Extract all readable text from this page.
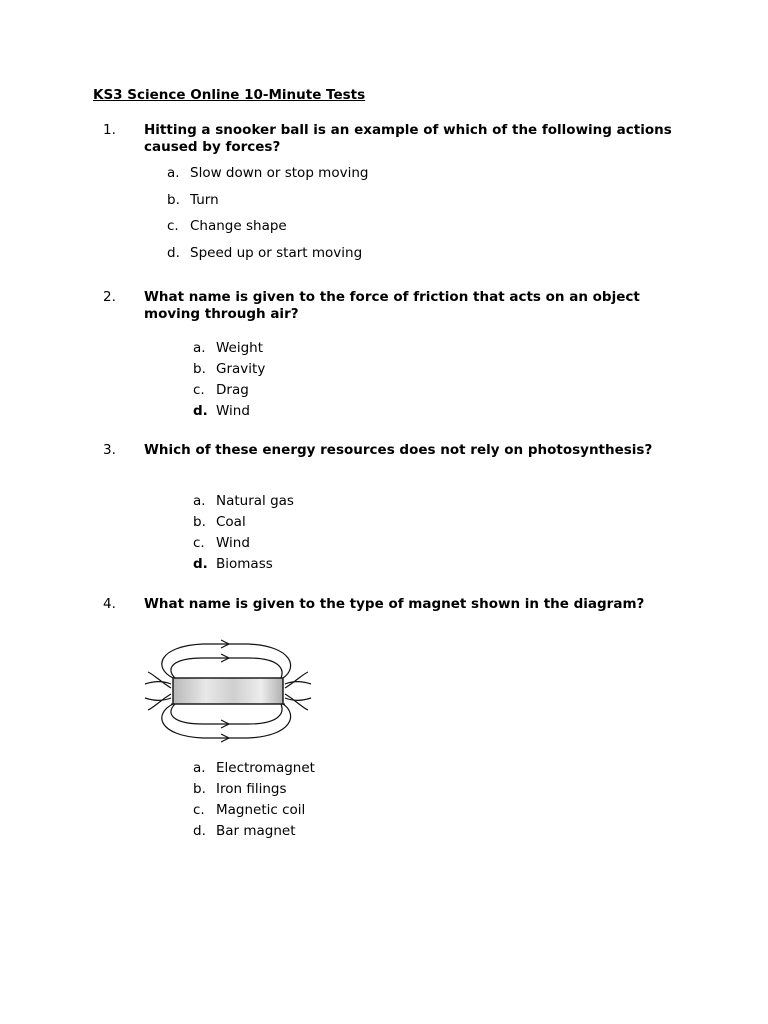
KS3 Science Online 10-Minute Tests
1. Hitting a snooker ball is an example of which of the following actions caused by forces?
a. Slow down or stop moving
b. Turn
c. Change shape
d. Speed up or start moving
2. What name is given to the force of friction that acts on an object moving through air?
a. Weight
b. Gravity
c. Drag
d. Wind
3. Which of these energy resources does not rely on photosynthesis?
a. Natural gas
b. Coal
c. Wind
d. Biomass
4. What name is given to the type of magnet shown in the diagram?
a. Electromagnet
b. Iron filings
c. Magnetic coil
d. Bar magnet
